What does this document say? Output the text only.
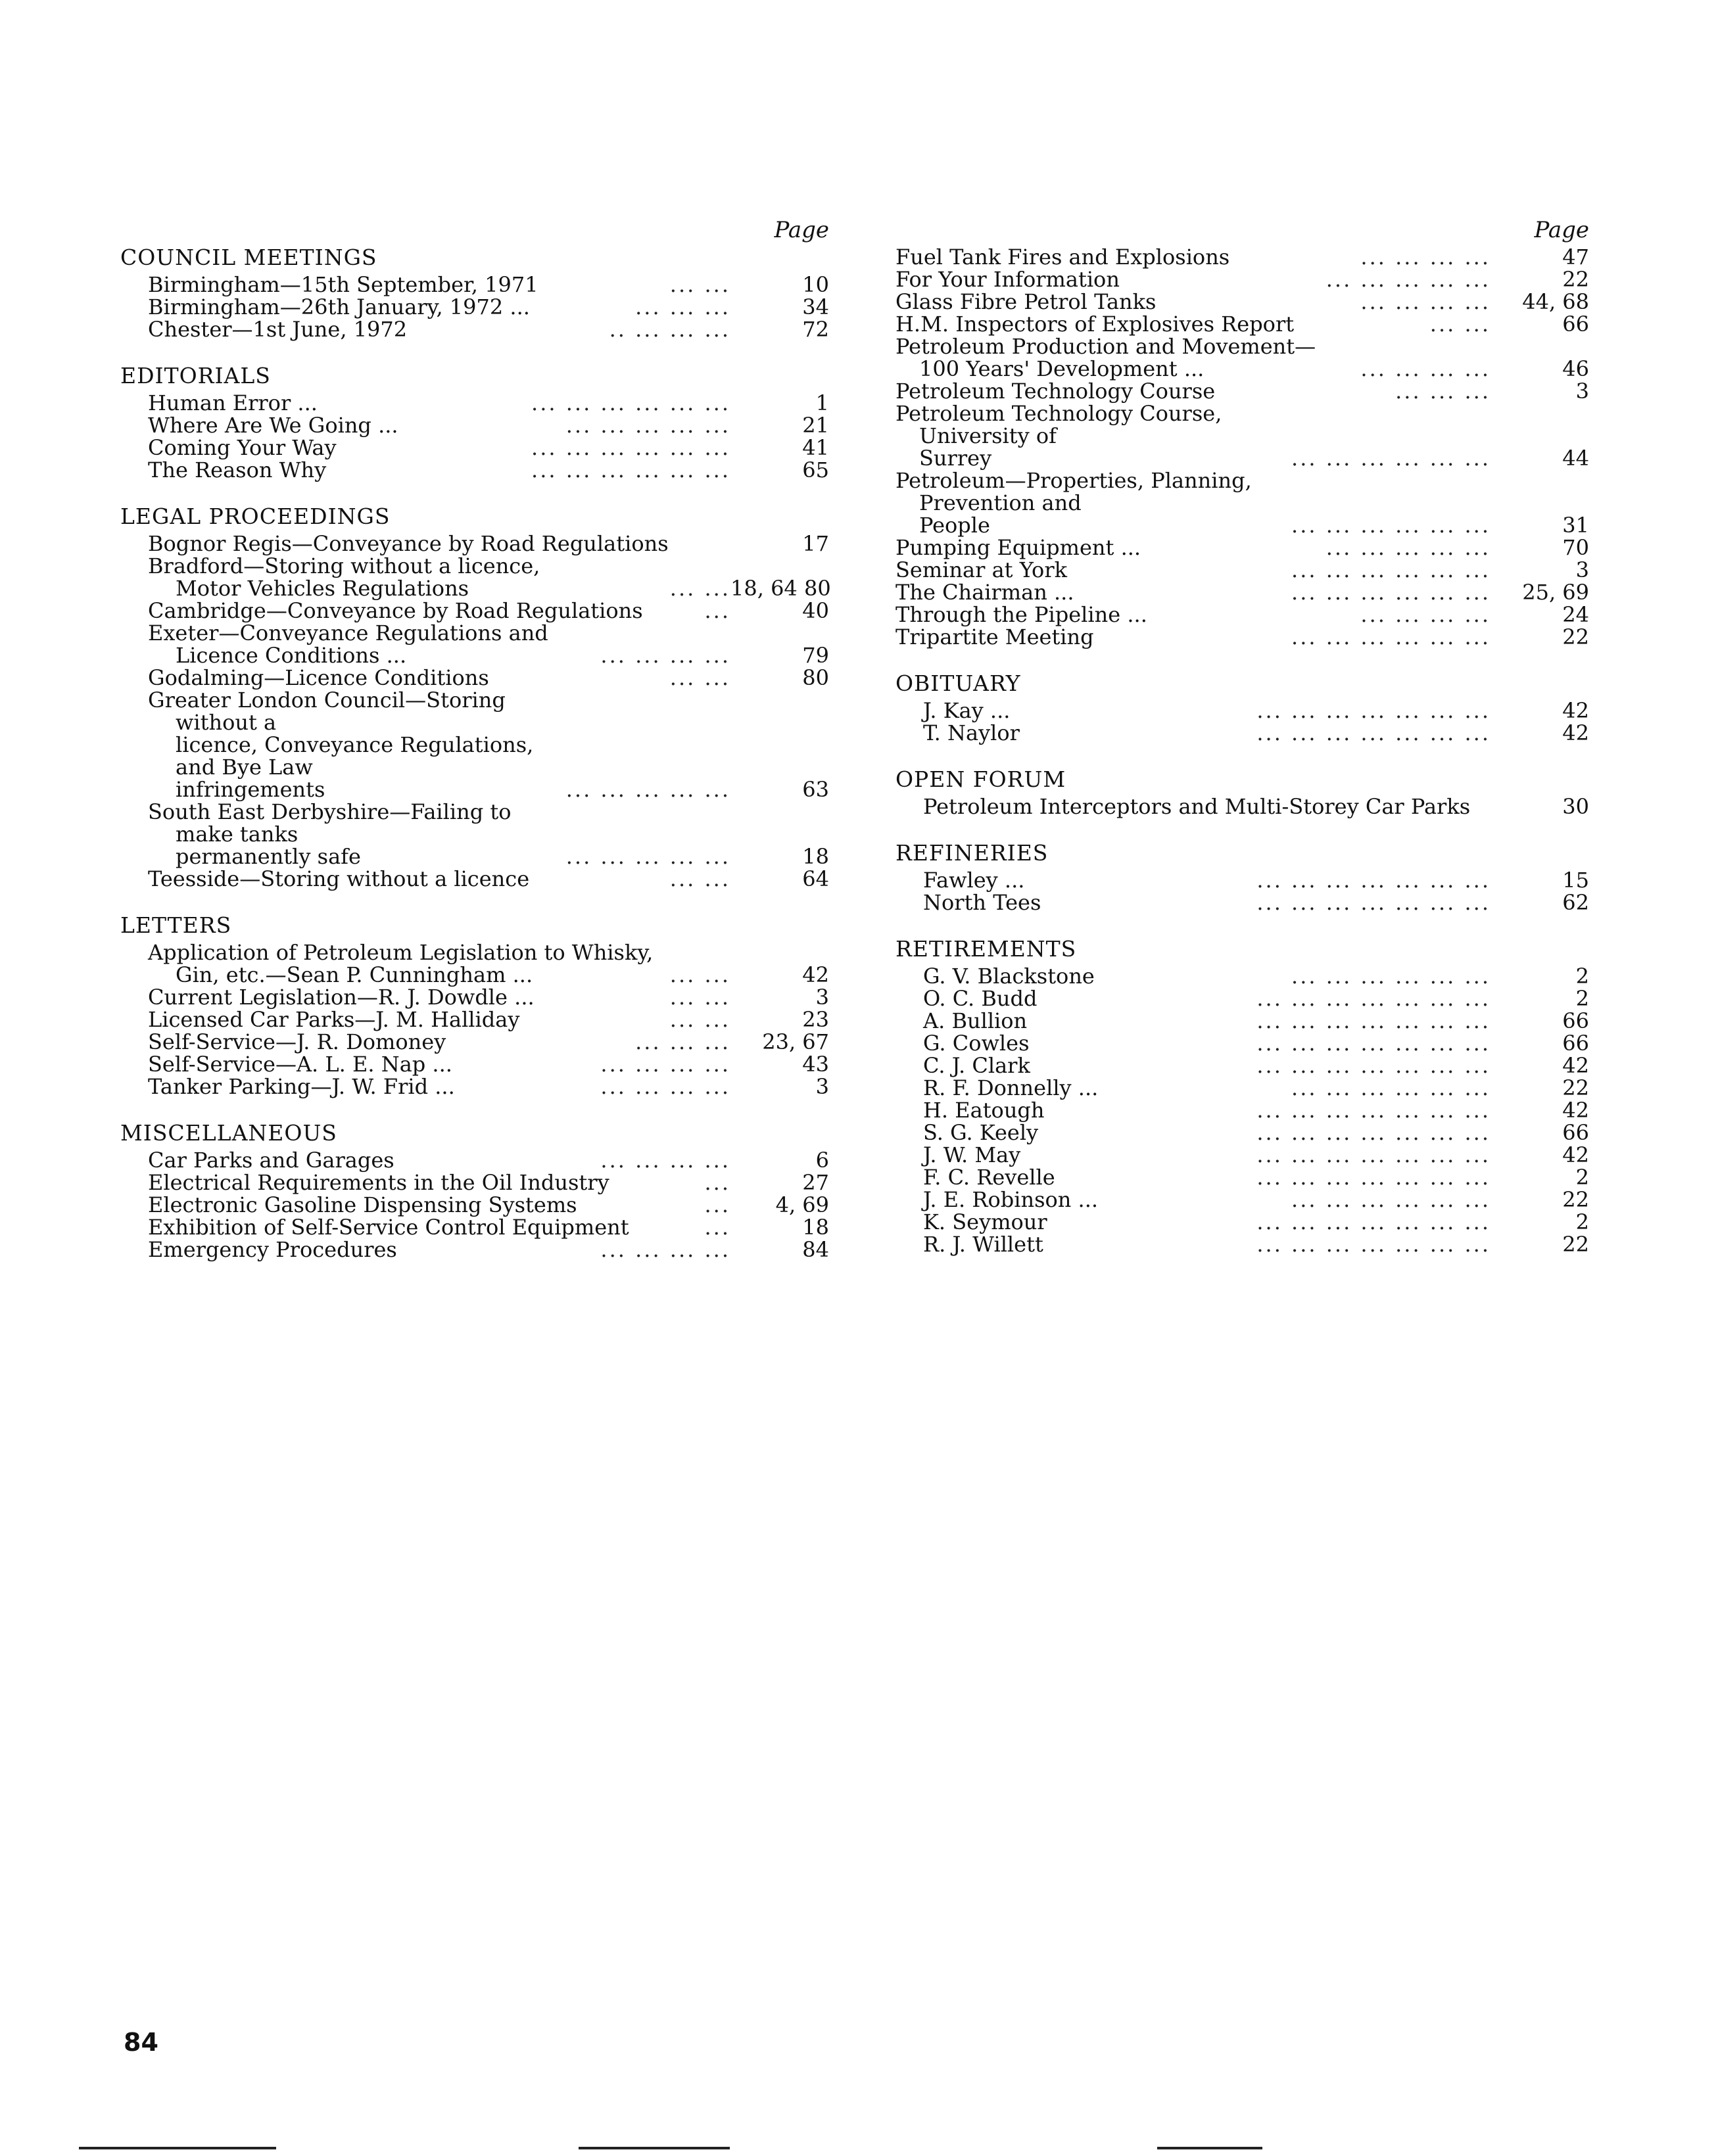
Page
COUNCIL MEETINGS
Birmingham—15th September, 1971	... ...	10
Birmingham—26th January, 1972 ...	... ... ...	34
Chester—1st June, 1972	.. ... ... ...	72
EDITORIALS
Human Error ...	... ... ... ... ... ...	1
Where Are We Going ...	... ... ... ... ...	21
Coming Your Way	... ... ... ... ... ...	41
The Reason Why	... ... ... ... ... ...	65
LEGAL PROCEEDINGS
Bognor Regis—Conveyance by Road Regulations	17
Bradford—Storing without a licence,
Motor Vehicles Regulations	... ... 18, 64 80
Cambridge—Conveyance by Road Regulations	...	40
Exeter—Conveyance Regulations and
Licence Conditions ...	... ... ... ...	79
Godalming—Licence Conditions	... ...	80
Greater London Council—Storing without a
licence, Conveyance Regulations, and Bye Law
infringements	... ... ... ... ...	63
South East Derbyshire—Failing to make tanks
permanently safe	... ... ... ... ...	18
Teesside—Storing without a licence	... ...	64
LETTERS
Application of Petroleum Legislation to Whisky,
Gin, etc.—Sean P. Cunningham ...	... ...	42
Current Legislation—R. J. Dowdle ...	... ...	3
Licensed Car Parks—J. M. Halliday	... ...	23
Self-Service—J. R. Domoney	... ... ...	23, 67
Self-Service—A. L. E. Nap ...	... ... ... ...	43
Tanker Parking—J. W. Frid ...	... ... ... ...	3
MISCELLANEOUS
Car Parks and Garages	... ... ... ...	6
Electrical Requirements in the Oil Industry	...	27
Electronic Gasoline Dispensing Systems	...	4, 69
Exhibition of Self-Service Control Equipment	...	18
Emergency Procedures	... ... ... ...	84
Page
Fuel Tank Fires and Explosions	... ... ... ...	47
For Your Information	... ... ... ... ...	22
Glass Fibre Petrol Tanks	... ... ... ...	44, 68
H.M. Inspectors of Explosives Report	... ...	66
Petroleum Production and Movement—
100 Years' Development ...	... ... ... ...	46
Petroleum Technology Course	... ... ...	3
Petroleum Technology Course, University of
Surrey	... ... ... ... ... ...	44
Petroleum—Properties, Planning, Prevention and
People	... ... ... ... ... ...	31
Pumping Equipment ...	... ... ... ... ...	70
Seminar at York	... ... ... ... ... ...	3
The Chairman ...	... ... ... ... ... ...	25, 69
Through the Pipeline ...	... ... ... ...	24
Tripartite Meeting	... ... ... ... ... ...	22
OBITUARY
J. Kay ...	... ... ... ... ... ... ...	42
T. Naylor	... ... ... ... ... ... ...	42
OPEN FORUM
Petroleum Interceptors and Multi-Storey Car Parks	30
REFINERIES
Fawley ...	... ... ... ... ... ... ...	15
North Tees	... ... ... ... ... ... ...	62
RETIREMENTS
G. V. Blackstone	... ... ... ... ... ...	2
O. C. Budd	... ... ... ... ... ... ...	2
A. Bullion	... ... ... ... ... ... ...	66
G. Cowles	... ... ... ... ... ... ...	66
C. J. Clark	... ... ... ... ... ... ...	42
R. F. Donnelly ...	... ... ... ... ... ...	22
H. Eatough	... ... ... ... ... ... ...	42
S. G. Keely	... ... ... ... ... ... ...	66
J. W. May	... ... ... ... ... ... ...	42
F. C. Revelle	... ... ... ... ... ... ...	2
J. E. Robinson ...	... ... ... ... ... ...	22
K. Seymour	... ... ... ... ... ... ...	2
R. J. Willett	... ... ... ... ... ... ...	22
84
